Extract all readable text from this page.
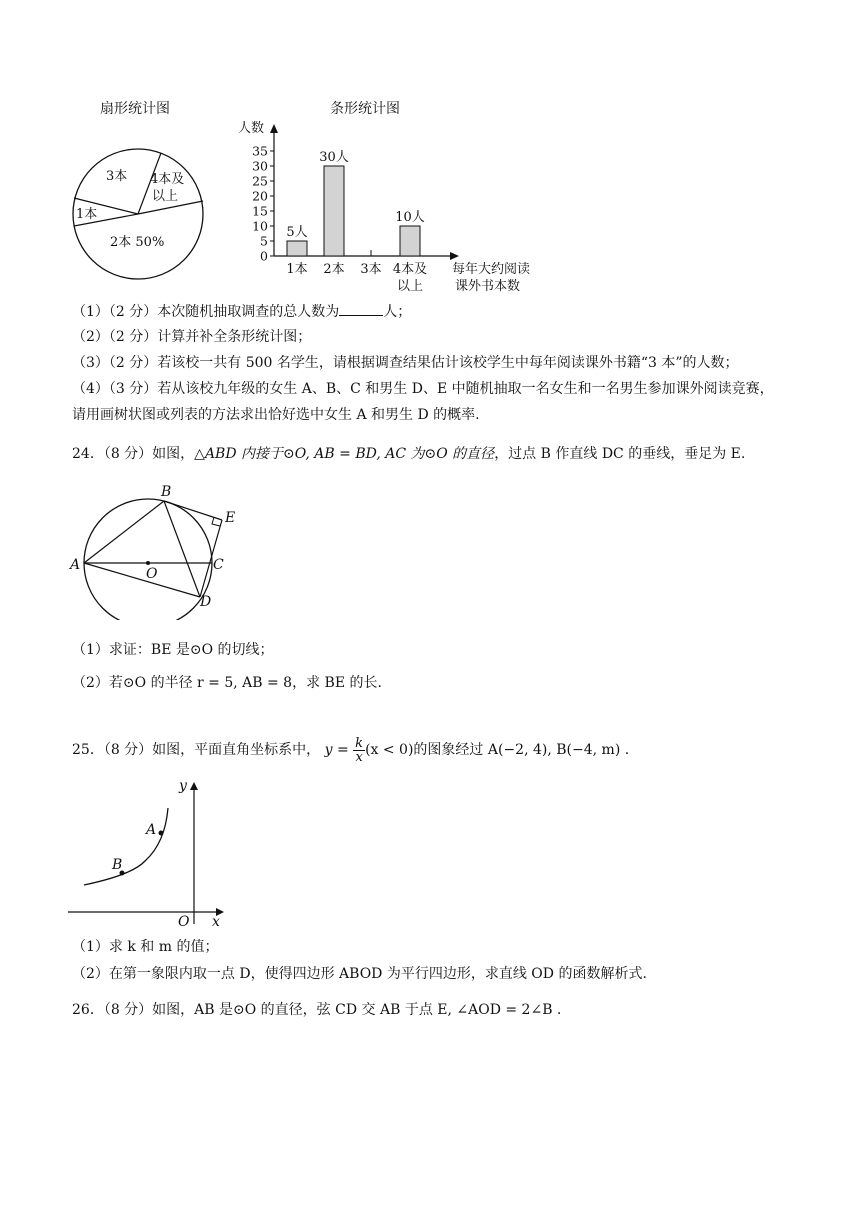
扇形统计图
3本 4本及
以上
1本
2本 50%
条形统计图
人数
0
5
10
15
20
25
30
35
5人
30人
10人
1本 2本 3本 4本及
以上
每年大约阅读
课外书本数
（1）（2 分）本次随机抽取调查的总人数为	人；
（2）（2 分）计算并补全条形统计图；
（3）（2 分）若该校一共有 500 名学生，请根据调查结果估计该校学生中每年阅读课外书籍“3 本”的人数；
（4）（3 分）若从该校九年级的女生 A、B、C 和男生 D、E 中随机抽取一名女生和一名男生参加课外阅读竞赛，
请用画树状图或列表的方法求出恰好选中女生 A 和男生 D 的概率.
24．（8 分）如图，△ABD 内接于⊙O, AB = BD, AC 为⊙O 的直径，过点 B 作直线 DC 的垂线，垂足为 E.
A
B
C
D
E
O
（1）求证：BE 是⊙O 的切线；
（2）若⊙O 的半径 r = 5, AB = 8，求 BE 的长.
25．（8 分）如图，平面直角坐标系中， $y = \frac{k}{x} (x < 0)$的图象经过 A(−2, 4), B(−4, m) .
A
B
O x
y
（1）求 k 和 m 的值；
（2）在第一象限内取一点 D，使得四边形 ABOD 为平行四边形，求直线 OD 的函数解析式.
26．（8 分）如图，AB 是⊙O 的直径，弦 CD 交 AB 于点 E, ∠AOD = 2∠B .
